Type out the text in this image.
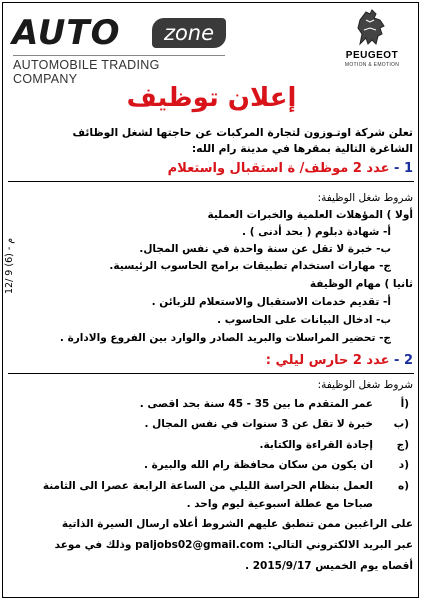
AUTO	zone
AUTOMOBILE TRADING COMPANY
PEUGEOT
MOTION & EMOTION
إعلان توظيف
تعلن شركة اوتـوزون لتجارة المركبات عن حاجتها لشغل الوظائف
الشاغرة التالية بمقرها في مدينة رام الله:
1 - عدد 2 موظف/ ة استقبال واستعلام
شروط شغل الوظيفة:
أولا ) المؤهلات العلمية والخبرات العملية
أ- شهادة دبلوم ( بحد أدنى ) .
ب- خبرة لا تقل عن سنة واحدة في نفس المجال.
ج- مهارات استخدام تطبيقات برامج الحاسوب الرئيسية.
ثانيا ) مهام الوظيفة
أ- تقديم خدمات الاستقبال والاستعلام للزبائن .
ب- ادخال البيانات على الحاسوب .
ج- تحضير المراسلات والبريد الصادر والوارد بين الفروع والادارة .
2 - عدد 2 حارس ليلي :
شروط شغل الوظيفة:
أ)
عمر المتقدم ما بين 35 - 45 سنة بحد اقصى .
ب)
خبرة لا تقل عن 3 سنوات في نفس المجال .
ج)
إجادة القراءة والكتابة.
د)
ان يكون من سكان محافظة رام الله والبيرة .
ه)
العمل بنظام الحراسة الليلي من الساعة الرابعة عصرا الى الثامنة
صباحا مع عطلة اسبوعية ليوم واحد .
على الراغبين ممن تنطبق عليهم الشروط أعلاه ارسال السيرة الذاتية
عبر البريد الالكتروني التالي: paljobs02@gmail.com وذلك في موعد
أقصاه يوم الخميس 2015/9/17 .
12/ 9 (6) - م
